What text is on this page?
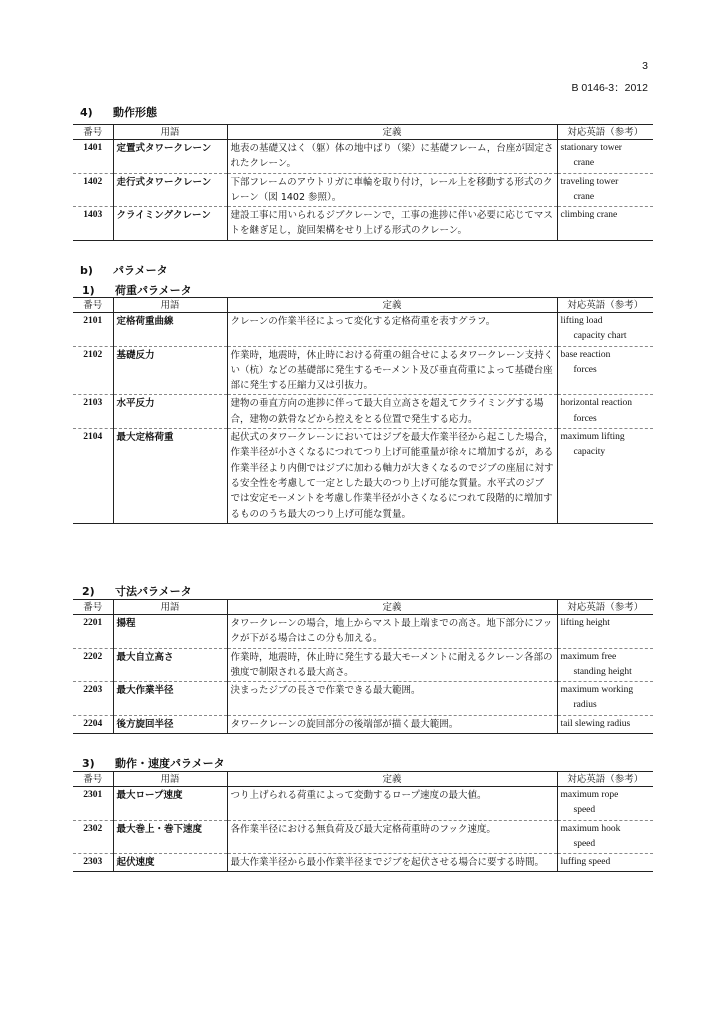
3
B 0146-3：2012
4) 動作形態
番号	用語	定義	対応英語（参考）
1401	定置式タワークレーン	地表の基礎又はく（躯）体の地中ばり（梁）に基礎フレーム，台座が固定されたクレーン。	stationary tower
crane

1402	走行式タワークレーン	下部フレームのアウトリガに車輪を取り付け，レール上を移動する形式のクレーン（図 1402 参照）。	traveling tower
crane

1403	クライミングクレーン	建設工事に用いられるジブクレーンで，工事の進捗に伴い必要に応じてマストを継ぎ足し，旋回架構をせり上げる形式のクレーン。	climbing crane
b) パラメータ
1) 荷重パラメータ
番号	用語	定義	対応英語（参考）
2101	定格荷重曲線	クレーンの作業半径によって変化する定格荷重を表すグラフ。	lifting load
capacity chart

2102	基礎反力	作業時，地震時，休止時における荷重の組合せによるタワークレーン支持くい（杭）などの基礎部に発生するモーメント及び垂直荷重によって基礎台座部に発生する圧縮力又は引抜力。	base reaction
forces

2103	水平反力	建物の垂直方向の進捗に伴って最大自立高さを超えてクライミングする場合，建物の鉄骨などから控えをとる位置で発生する応力。	horizontal reaction
forces

2104	最大定格荷重	起伏式のタワークレーンにおいてはジブを最大作業半径から起こした場合，作業半径が小さくなるにつれてつり上げ可能重量が徐々に増加するが，ある作業半径より内側ではジブに加わる軸力が大きくなるのでジブの座屈に対する安全性を考慮して一定とした最大のつり上げ可能な質量。水平式のジブでは安定モーメントを考慮し作業半径が小さくなるにつれて段階的に増加するもののうち最大のつり上げ可能な質量。	maximum lifting
capacity
2) 寸法パラメータ
番号	用語	定義	対応英語（参考）
2201	揚程	タワークレーンの場合，地上からマスト最上端までの高さ。地下部分にフックが下がる場合はこの分も加える。	lifting height

2202	最大自立高さ	作業時，地震時，休止時に発生する最大モーメントに耐えるクレーン各部の強度で制限される最大高さ。	maximum free
standing height

2203	最大作業半径	決まったジブの長さで作業できる最大範囲。	maximum working
radius

2204	後方旋回半径	タワークレーンの旋回部分の後端部が描く最大範囲。	tail slewing radius
3) 動作・速度パラメータ
番号	用語	定義	対応英語（参考）
2301	最大ロープ速度	つり上げられる荷重によって変動するロープ速度の最大値。	maximum rope
speed

2302	最大巻上・巻下速度	各作業半径における無負荷及び最大定格荷重時のフック速度。	maximum hook
speed

2303	起伏速度	最大作業半径から最小作業半径までジブを起伏させる場合に要する時間。	luffing speed
